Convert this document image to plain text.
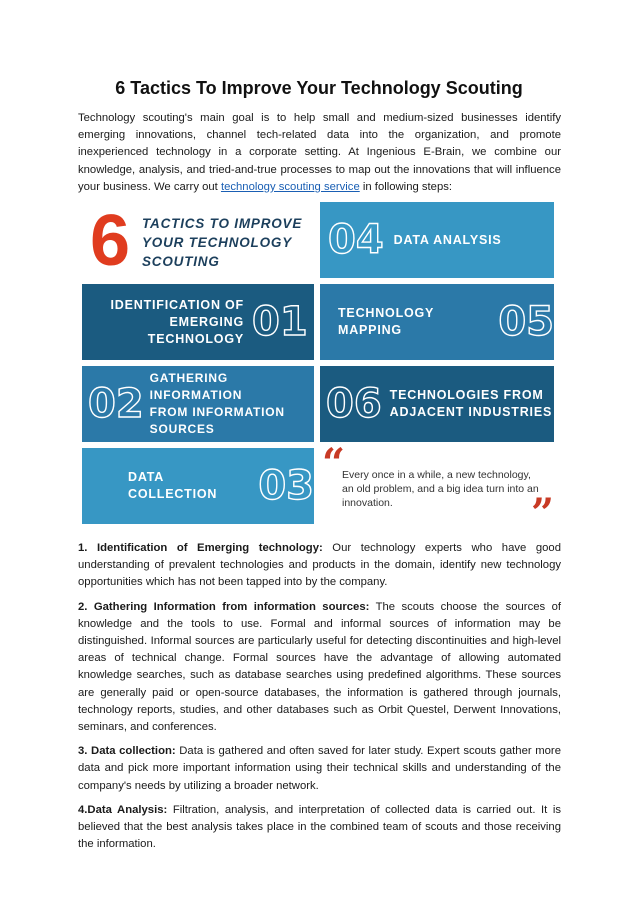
6 Tactics To Improve Your Technology Scouting
Technology scouting's main goal is to help small and medium-sized businesses identify emerging innovations, channel tech-related data into the organization, and promote inexperienced technology in a corporate setting. At Ingenious E-Brain, we combine our knowledge, analysis, and tried-and-true processes to map out the innovations that will influence your business. We carry out technology scouting service in following steps:
6 TACTICS TO IMPROVE
YOUR TECHNOLOGY
SCOUTING	04 DATA ANALYSIS
IDENTIFICATION OF
EMERGING TECHNOLOGY 01 TECHNOLOGY MAPPING	05
02
GATHERING INFORMATION
FROM INFORMATION
SOURCES
06 TECHNOLOGIES FROM
ADJACENT INDUSTRIES
DATA COLLECTION	03 “
Every once in a while, a new technology, an old problem, and a big idea turn into an innovation.	”

1. Identification of Emerging technology: Our technology experts who have good understanding of prevalent technologies and products in the domain, identify new technology opportunities which has not been tapped into by the company.

2. Gathering Information from information sources: The scouts choose the sources of knowledge and the tools to use. Formal and informal sources of information may be distinguished. Informal sources are particularly useful for detecting discontinuities and high-level areas of technical change. Formal sources have the advantage of allowing automated knowledge searches, such as database searches using predefined algorithms. These sources are generally paid or open-source databases, the information is gathered through journals, technology reports, studies, and other databases such as Orbit Questel, Derwent Innovations, seminars, and conferences.

3. Data collection: Data is gathered and often saved for later study. Expert scouts gather more data and pick more important information using their technical skills and understanding of the company's needs by utilizing a broader network.

4.Data Analysis: Filtration, analysis, and interpretation of collected data is carried out. It is believed that the best analysis takes place in the combined team of scouts and those receiving the information.
